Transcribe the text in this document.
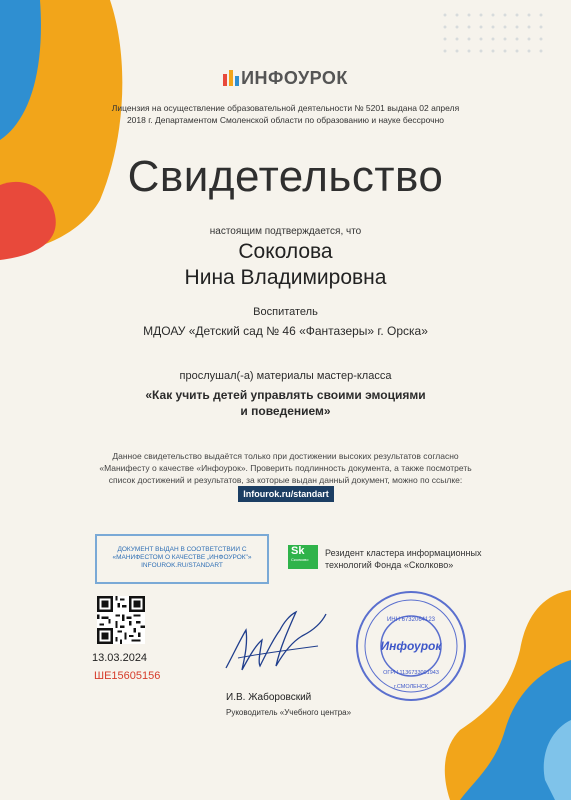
ИНФОУРОК
Лицензия на осуществление образовательной деятельности № 5201 выдана 02 апреля
2018 г. Департаментом Смоленской области по образованию и науке бессрочно
Свидетельство
настоящим подтверждается, что
Соколова
Нина Владимировна
Воспитатель
МДОАУ «Детский сад № 46 «Фантазеры» г. Орска»
прослушал(-а) материалы мастер-класса
«Как учить детей управлять своими эмоциями
и поведением»
Данное свидетельство выдаётся только при достижении высоких результатов согласно
«Манифесту о качестве «Инфоурок». Проверить подлинность документа, а также посмотреть
список достижений и результатов, за которые выдан данный документ, можно по ссылке:
Infourok.ru/standart
ДОКУМЕНТ ВЫДАН В СООТВЕТСТВИИ С
«МАНИФЕСТОМ О КАЧЕСТВЕ „ИНФОУРОК"»
INFOUROK.RU/STANDART
Sk
Сколково
Резидент кластера информационных
технологий Фонда «Сколково»
13.03.2024
ШЕ15605156
И.В. Жаборовский
Руководитель «Учебного центра»
Инфоурок
ИНН 6732064123
ОГРН 1136733001943
г.СМОЛЕНСК
